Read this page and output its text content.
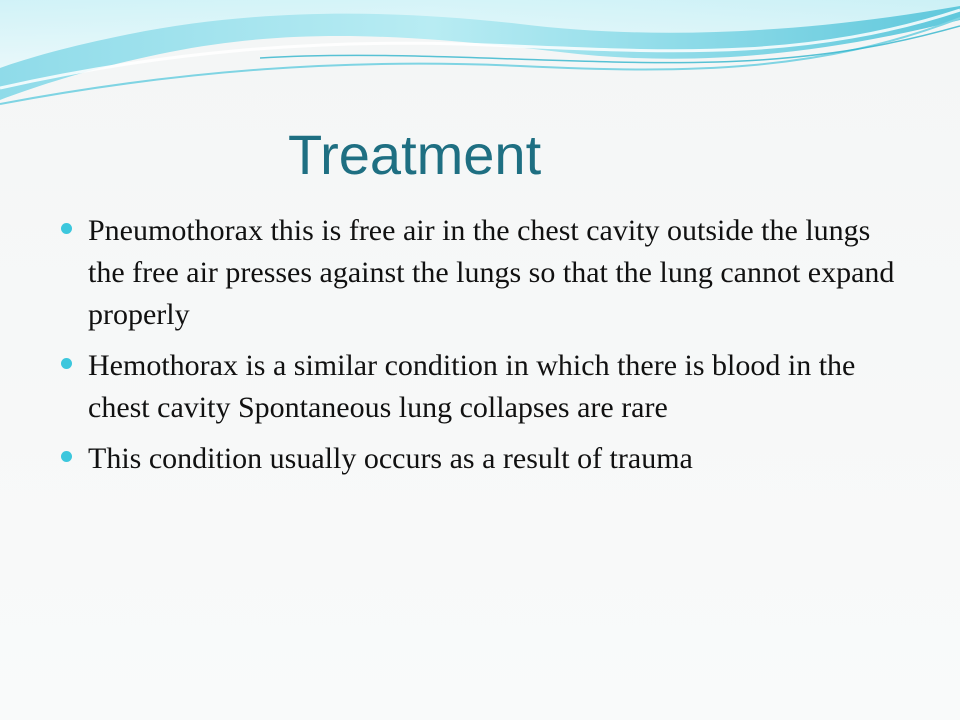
Treatment
Pneumothorax this is free air in the chest cavity outside the lungs the free air presses against the lungs so that the lung cannot expand properly
Hemothorax is a similar condition in which there is blood in the chest cavity Spontaneous lung collapses are rare
This condition usually occurs as a result of trauma
